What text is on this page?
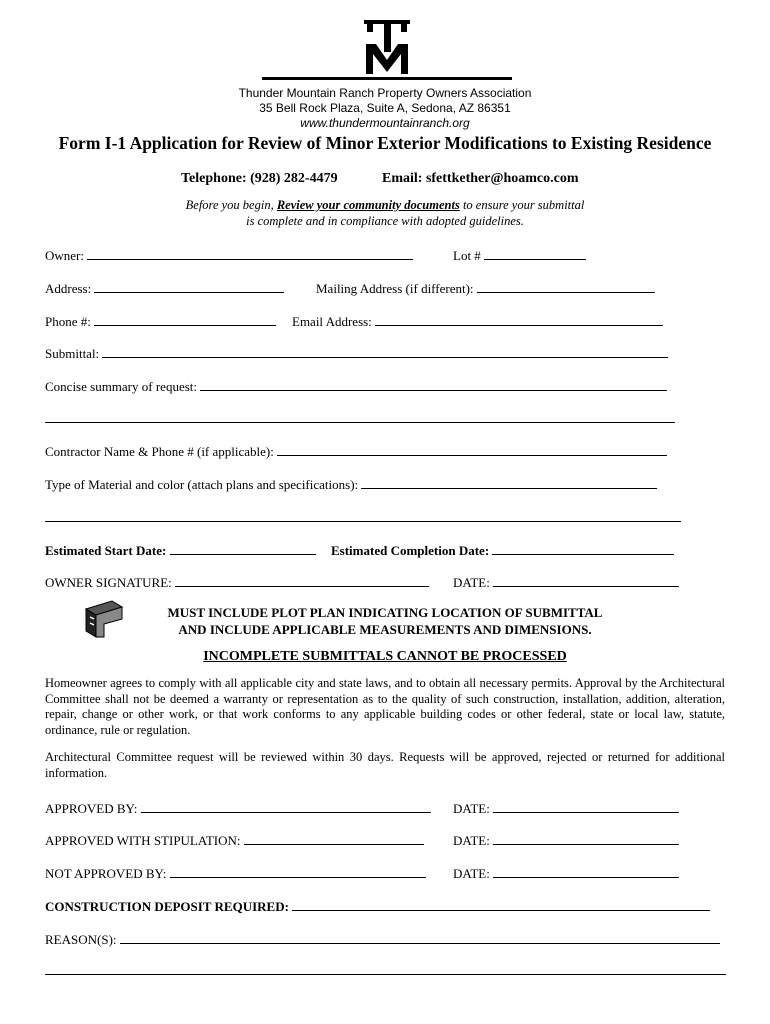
Thunder Mountain Ranch Property Owners Association
35 Bell Rock Plaza, Suite A, Sedona, AZ 86351
www.thundermountainranch.org
Form I-1 Application for Review of Minor Exterior Modifications to Existing Residence
Telephone: (928) 282-4479	Email: sfettkether@hoamco.com
Before you begin, Review your community documents to ensure your submittal
is complete and in compliance with adopted guidelines.
Owner:	Lot #
Address:	Mailing Address (if different):
Phone #:	Email Address:
Submittal:
Concise summary of request:
Contractor Name & Phone # (if applicable):
Type of Material and color (attach plans and specifications):
Estimated Start Date:	Estimated Completion Date:
OWNER SIGNATURE:	DATE:
MUST INCLUDE PLOT PLAN INDICATING LOCATION OF SUBMITTAL
AND INCLUDE APPLICABLE MEASUREMENTS AND DIMENSIONS.
INCOMPLETE SUBMITTALS CANNOT BE PROCESSED
Homeowner agrees to comply with all applicable city and state laws, and to obtain all necessary permits. Approval by the Architectural Committee shall not be deemed a warranty or representation as to the quality of such construction, installation, addition, alteration, repair, change or other work, or that work conforms to any applicable building codes or other federal, state or local law, statute, ordinance, rule or regulation.
Architectural Committee request will be reviewed within 30 days. Requests will be approved, rejected or returned for additional information.
APPROVED BY:	DATE:
APPROVED WITH STIPULATION:	DATE:
NOT APPROVED BY:	DATE:
CONSTRUCTION DEPOSIT REQUIRED:
REASON(S):
